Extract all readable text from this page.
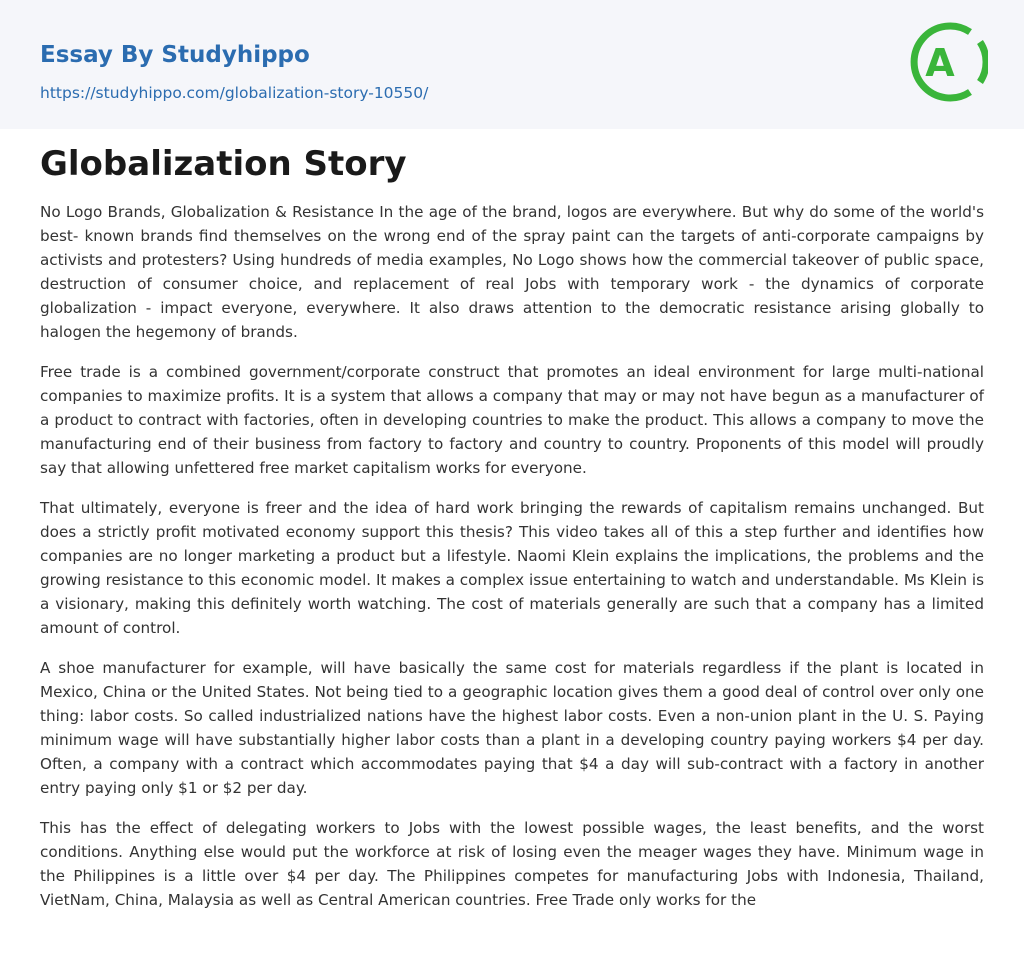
Essay By Studyhippo
https://studyhippo.com/globalization-story-10550/
A
Globalization Story

No Logo Brands, Globalization & Resistance In the age of the brand, logos are everywhere. But why do some of the world's best- known brands find themselves on the wrong end of the spray paint can the targets of anti-corporate campaigns by activists and protesters? Using hundreds of media examples, No Logo shows how the commercial takeover of public space, destruction of consumer choice, and replacement of real Jobs with temporary work - the dynamics of corporate globalization - impact everyone, everywhere. It also draws attention to the democratic resistance arising globally to halogen the hegemony of brands.

Free trade is a combined government/corporate construct that promotes an ideal environment for large multi-national companies to maximize profits. It is a system that allows a company that may or may not have begun as a manufacturer of a product to contract with factories, often in developing countries to make the product. This allows a company to move the manufacturing end of their business from factory to factory and country to country. Proponents of this model will proudly say that allowing unfettered free market capitalism works for everyone.

That ultimately, everyone is freer and the idea of hard work bringing the rewards of capitalism remains unchanged. But does a strictly profit motivated economy support this thesis? This video takes all of this a step further and identifies how companies are no longer marketing a product but a lifestyle. Naomi Klein explains the implications, the problems and the growing resistance to this economic model. It makes a complex issue entertaining to watch and understandable. Ms Klein is a visionary, making this definitely worth watching. The cost of materials generally are such that a company has a limited amount of control.

A shoe manufacturer for example, will have basically the same cost for materials regardless if the plant is located in Mexico, China or the United States. Not being tied to a geographic location gives them a good deal of control over only one thing: labor costs. So called industrialized nations have the highest labor costs. Even a non-union plant in the U. S. Paying minimum wage will have substantially higher labor costs than a plant in a developing country paying workers $4 per day. Often, a company with a contract which accommodates paying that $4 a day will sub-contract with a factory in another entry paying only $1 or $2 per day.

This has the effect of delegating workers to Jobs with the lowest possible wages, the least benefits, and the worst conditions. Anything else would put the workforce at risk of losing even the meager wages they have. Minimum wage in the Philippines is a little over $4 per day. The Philippines competes for manufacturing Jobs with Indonesia, Thailand, VietNam, China, Malaysia as well as Central American countries. Free Trade only works for the
